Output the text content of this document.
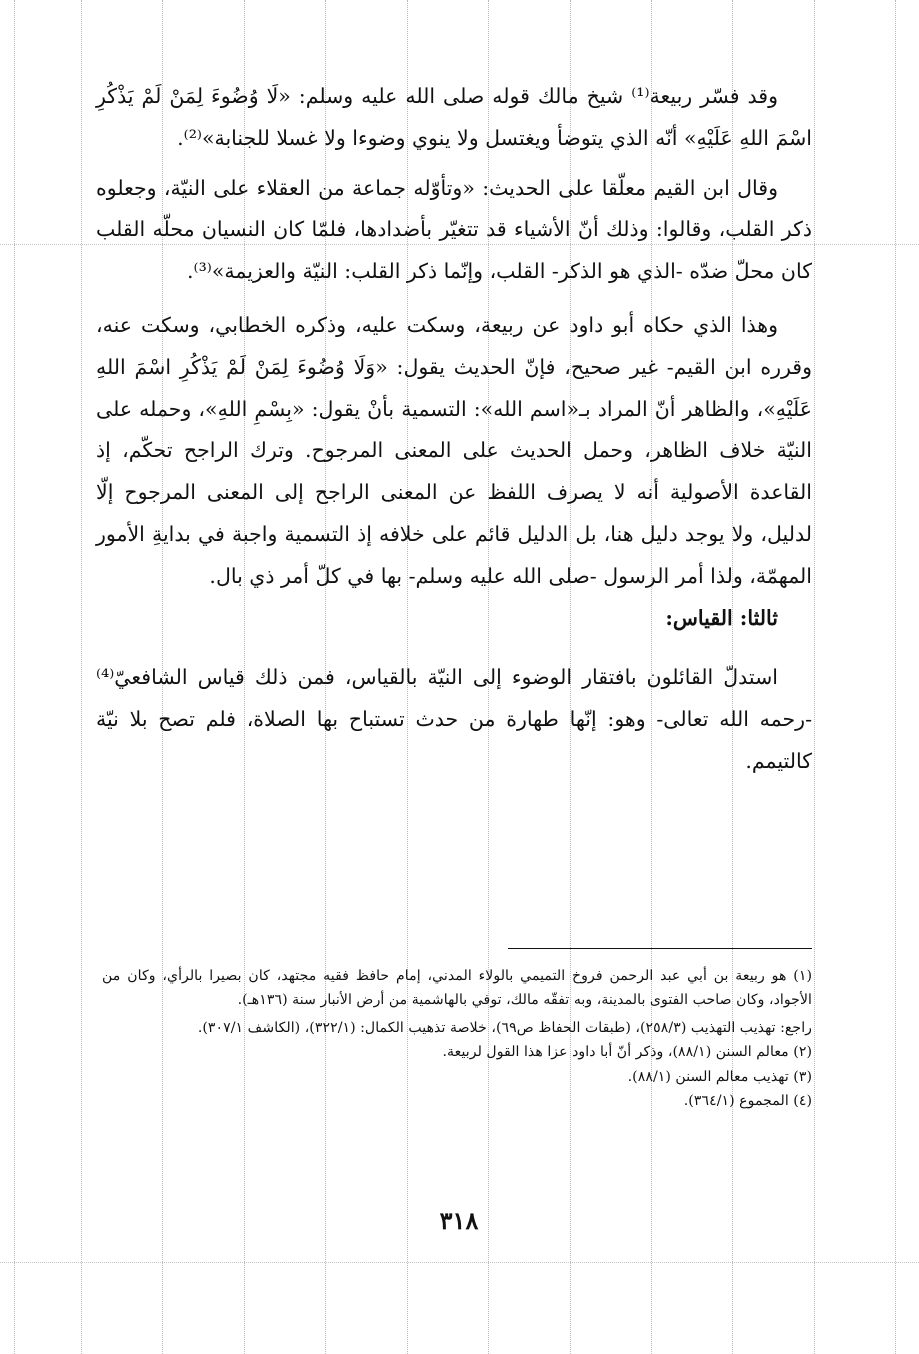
وقد فسّر ربيعة⁽¹⁾ شيخ مالك قوله صلى الله عليه وسلم: «لَا وُضُوءَ لِمَنْ لَمْ يَذْكُرِ اسْمَ اللهِ عَلَيْهِ» أنّه الذي يتوضأ ويغتسل ولا ينوي وضوءا ولا غسلا للجنابة»⁽²⁾.

وقال ابن القيم معلّقا على الحديث: «وتأوّله جماعة من العقلاء على النيّة، وجعلوه ذكر القلب، وقالوا: وذلك أنّ الأشياء قد تتغيّر بأضدادها، فلمّا كان النسيان محلّه القلب كان محلّ ضدّه -الذي هو الذكر- القلب، وإنّما ذكر القلب: النيّة والعزيمة»⁽³⁾.

وهذا الذي حكاه أبو داود عن ربيعة، وسكت عليه، وذكره الخطابي، وسكت عنه، وقرره ابن القيم- غير صحيح، فإنّ الحديث يقول: «وَلَا وُضُوءَ لِمَنْ لَمْ يَذْكُرِ اسْمَ اللهِ عَلَيْهِ»، والظاهر أنّ المراد بـ«اسم الله»: التسمية بأنْ يقول: «بِسْمِ اللهِ»، وحمله على النيّة خلاف الظاهر، وحمل الحديث على المعنى المرجوح. وترك الراجح تحكّم، إذ القاعدة الأصولية أنه لا يصرف اللفظ عن المعنى الراجح إلى المعنى المرجوح إلّا لدليل، ولا يوجد دليل هنا، بل الدليل قائم على خلافه إذ التسمية واجبة في بدايةِ الأمور المهمّة، ولذا أمر الرسول -صلى الله عليه وسلم- بها في كلّ أمر ذي بال.

ثالثا: القياس:

استدلّ القائلون بافتقار الوضوء إلى النيّة بالقياس، فمن ذلك قياس الشافعيّ⁽⁴⁾ -رحمه الله تعالى- وهو: إنّها طهارة من حدث تستباح بها الصلاة، فلم تصح بلا نيّة كالتيمم.

(١) هو ربيعة بن أبي عبد الرحمن فروخ التميمي بالولاء المدني، إمام حافظ فقيه مجتهد، كان بصيرا بالرأي، وكان من الأجواد، وكان صاحب الفتوى بالمدينة، وبه تفقّه مالك، توفي بالهاشمية من أرض الأنبار سنة (١٣٦هـ).

راجع: تهذيب التهذيب (٢٥٨/٣)، (طبقات الحفاظ ص٦٩)، خلاصة تذهيب الكمال: (٣٢٢/١)، (الكاشف ٣٠٧/١).

(٢) معالم السنن (٨٨/١)، وذكر أنّ أبا داود عزا هذا القول لربيعة.

(٣) تهذيب معالم السنن (٨٨/١).

(٤) المجموع (٣٦٤/١).

٣١٨
